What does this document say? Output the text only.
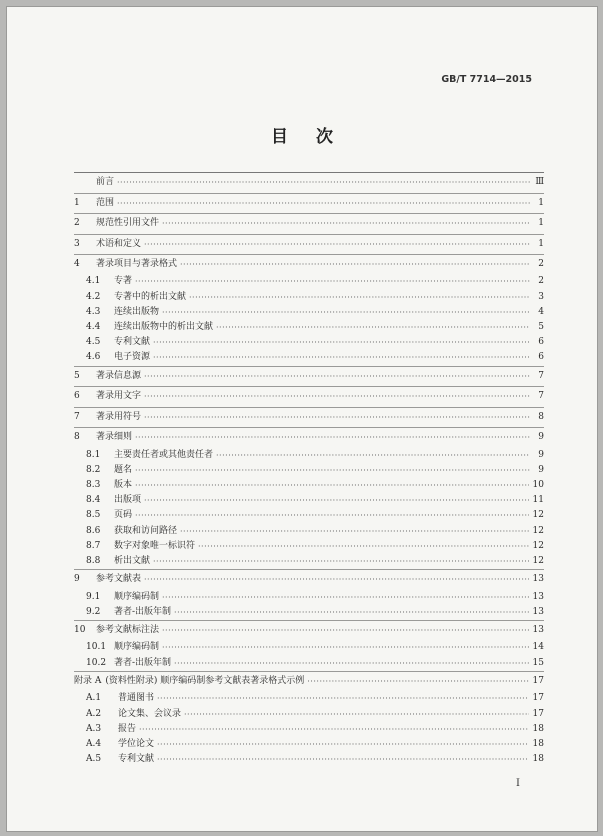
GB/T 7714—2015
目次
前言 ·····	Ⅲ
1	范围 ·····	1
2	规范性引用文件 ·····	1
3	术语和定义 ·····	1
4	著录项目与著录格式 ·····	2
4.1	专著 ·····	2
4.2	专著中的析出文献 ·····	3
4.3	连续出版物 ·····	4
4.4	连续出版物中的析出文献 ·····	5
4.5	专利文献 ·····	6
4.6	电子资源 ·····	6
5	著录信息源 ·····	7
6	著录用文字 ·····	7
7	著录用符号 ·····	8
8	著录细则 ·····	9
8.1	主要责任者或其他责任者 ·····	9
8.2	题名 ·····	9
8.3	版本 ·····	10
8.4	出版项 ·····	11
8.5	页码 ·····	12
8.6	获取和访问路径 ·····	12
8.7	数字对象唯一标识符 ·····	12
8.8	析出文献 ·····	12
9	参考文献表 ·····	13
9.1	顺序编码制 ·····	13
9.2	著者-出版年制 ·····	13
10	参考文献标注法 ·····	13
10.1 顺序编码制 ·····	14
10.2 著者-出版年制 ·····	15
附录 A (资料性附录) 顺序编码制参考文献表著录格式示例 ·····	17
A.1	普通图书 ·····	17
A.2	论文集、会议录 ·····	17
A.3	报告 ·····	18
A.4	学位论文 ·····	18
A.5	专利文献 ·····	18
I
